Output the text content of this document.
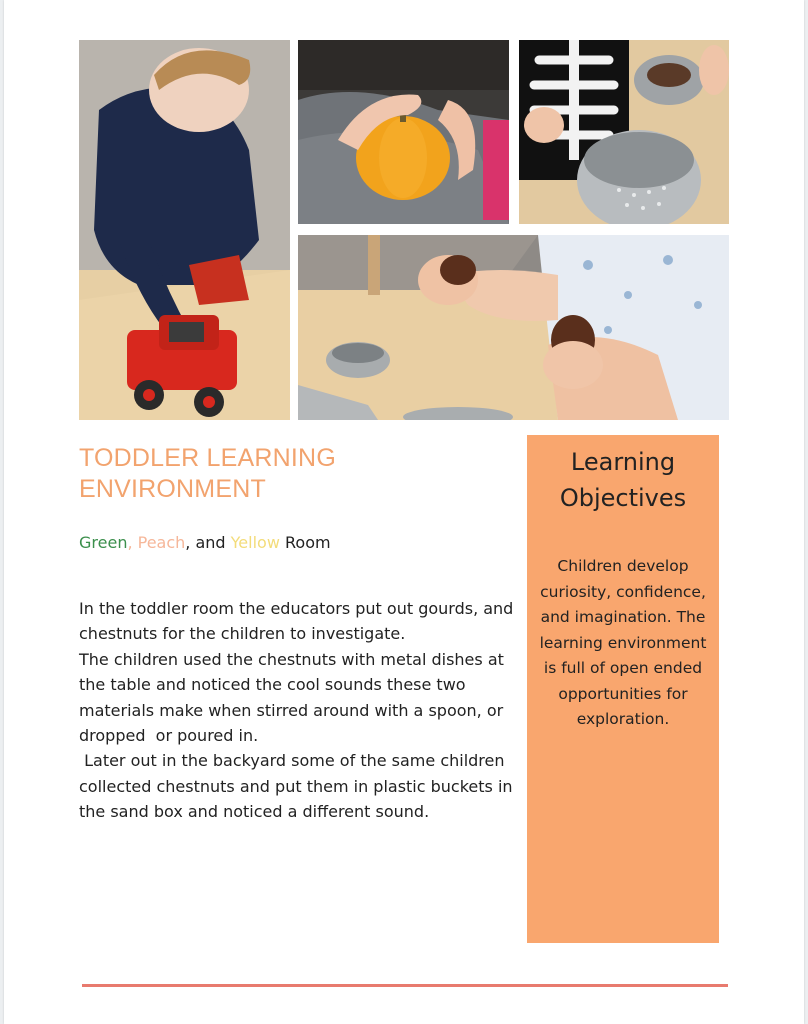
TODDLER LEARNING
ENVIRONMENT
Green, Peach, and Yellow Room

In the toddler room the educators put out gourds, and chestnuts for the children to investigate.

The children used the chestnuts with metal dishes at the table and noticed the cool sounds these two materials make when stirred around with a spoon, or dropped  or poured in.

Later out in the backyard some of the same children collected chestnuts and put them in plastic buckets in the sand box and noticed a different sound.

Learning
Objectives
Children develop curiosity, confidence, and imagination. The learning environment is full of open ended opportunities for exploration.
